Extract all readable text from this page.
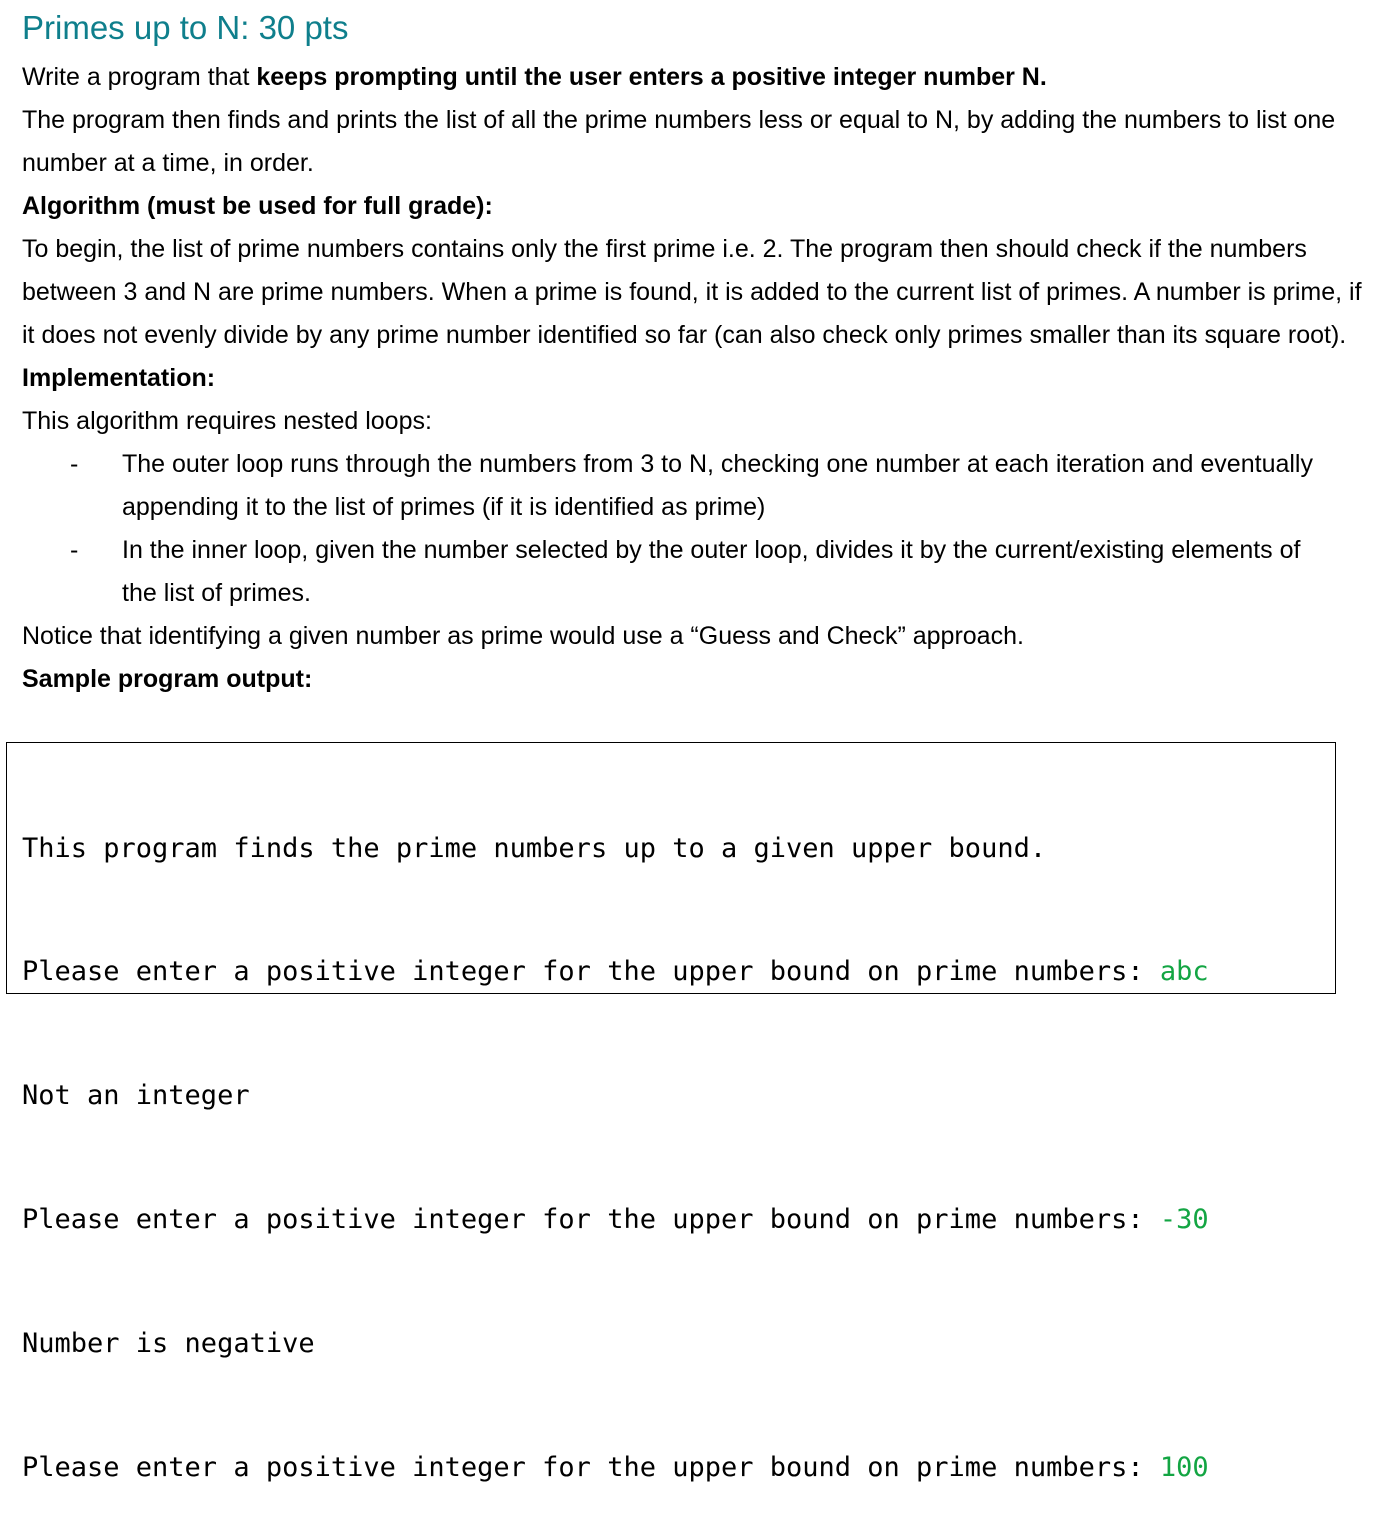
Primes up to N: 30 pts

Write a program that keeps prompting until the user enters a positive integer number N.

The program then finds and prints the list of all the prime numbers less or equal to N, by adding the numbers to list one number at a time, in order.

Algorithm (must be used for full grade):

To begin, the list of prime numbers contains only the first prime i.e. 2. The program then should check if the numbers between 3 and N are prime numbers. When a prime is found, it is added to the current list of primes. A number is prime, if it does not evenly divide by any prime number identified so far (can also check only primes smaller than its square root).

Implementation:

This algorithm requires nested loops:

- The outer loop runs through the numbers from 3 to N, checking one number at each iteration and eventually appending it to the list of primes (if it is identified as prime)
- In the inner loop, given the number selected by the outer loop, divides it by the current/existing elements of the list of primes.

Notice that identifying a given number as prime would use a “Guess and Check” approach.

Sample program output:

This program finds the prime numbers up to a given upper bound.

Please enter a positive integer for the upper bound on prime numbers: abc

Not an integer

Please enter a positive integer for the upper bound on prime numbers: -30

Number is negative

Please enter a positive integer for the upper bound on prime numbers: 100
